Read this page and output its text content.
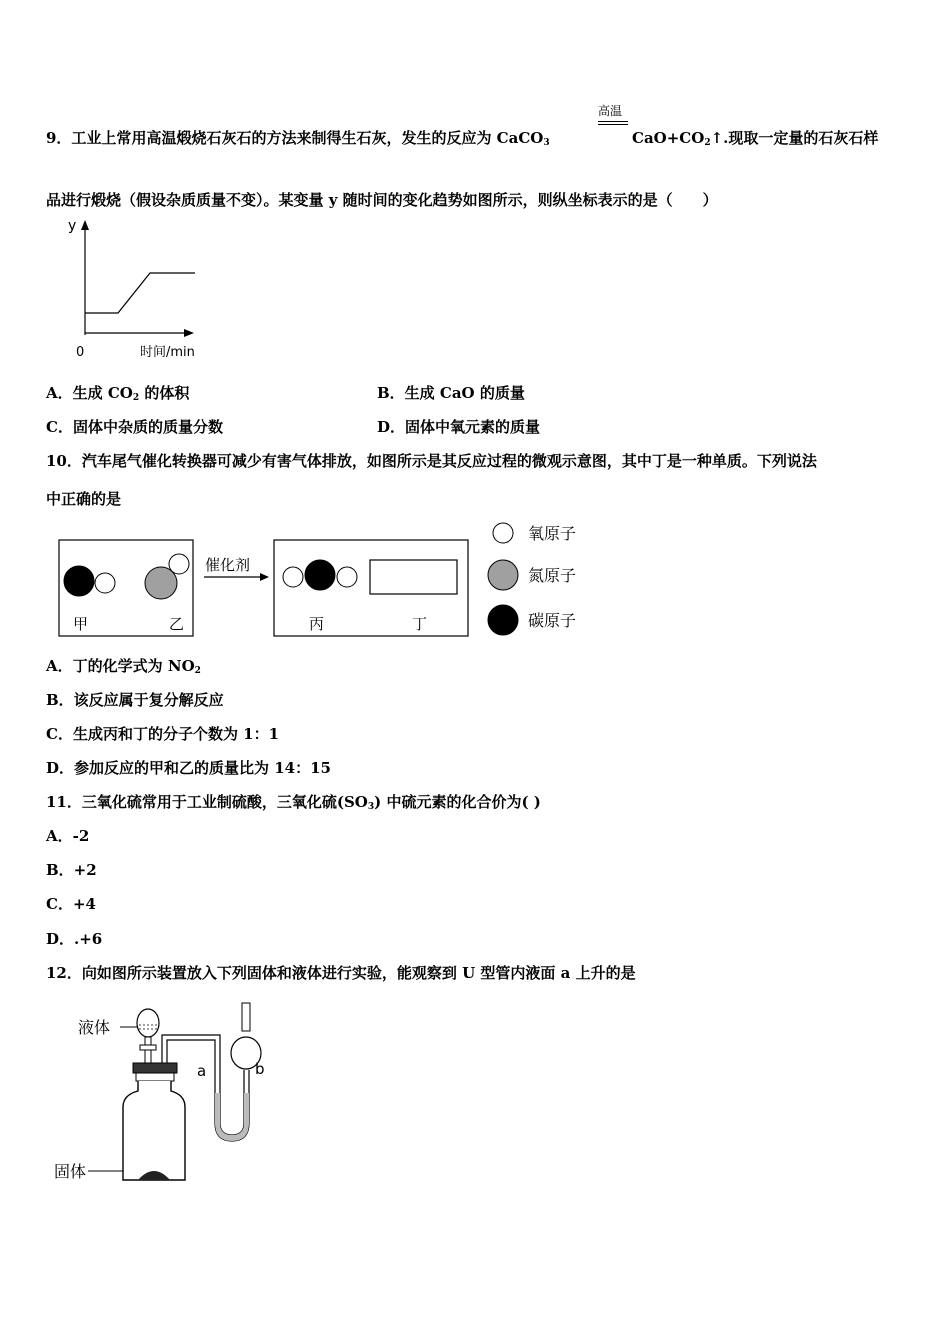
高温
9．工业上常用高温煅烧石灰石的方法来制得生石灰，发生的反应为 CaCO$_3$	$CaO+CO_2↑$.现取一定量的石灰石样
品进行煅烧（假设杂质质量不变）。某变量 y 随时间的变化趋势如图所示，则纵坐标表示的是（　　）
y
0	时间/min
A．生成 $CO_2$ 的体积	B．生成 CaO 的质量
C．固体中杂质的质量分数	D．固体中氧元素的质量
10．汽车尾气催化转换器可减少有害气体排放，如图所示是其反应过程的微观示意图，其中丁是一种单质。下列说法
中正确的是
甲	乙
催化剂
丙	丁
氧原子
氮原子
碳原子
A．丁的化学式为 $NO_2$
B．该反应属于复分解反应
C．生成丙和丁的分子个数为 1：1
D．参加反应的甲和乙的质量比为 14：15
11．三氧化硫常用于工业制硫酸，三氧化硫$(SO_3)$ 中硫元素的化合价为( )
A．-2
B．+2
C．+4
D．.+6
12．向如图所示装置放入下列固体和液体进行实验，能观察到 U 型管内液面 a 上升的是
液体
固体
a	b
